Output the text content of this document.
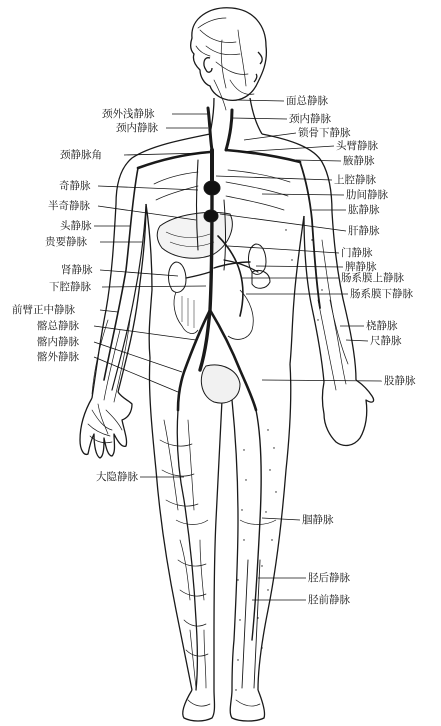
面总静脉
颈内静脉
锁骨下静脉
头臂静脉
腋静脉
上腔静脉
肋间静脉
肱静脉
肝静脉
门静脉
脾静脉
肠系膜上静脉
肠系膜下静脉
桡静脉
尺静脉
股静脉
腘静脉
胫后静脉
胫前静脉
颈外浅静脉
颈内静脉
颈静脉角
奇静脉
半奇静脉
头静脉
贵要静脉
肾静脉
下腔静脉
前臂正中静脉
髂总静脉
髂内静脉
髂外静脉
大隐静脉
